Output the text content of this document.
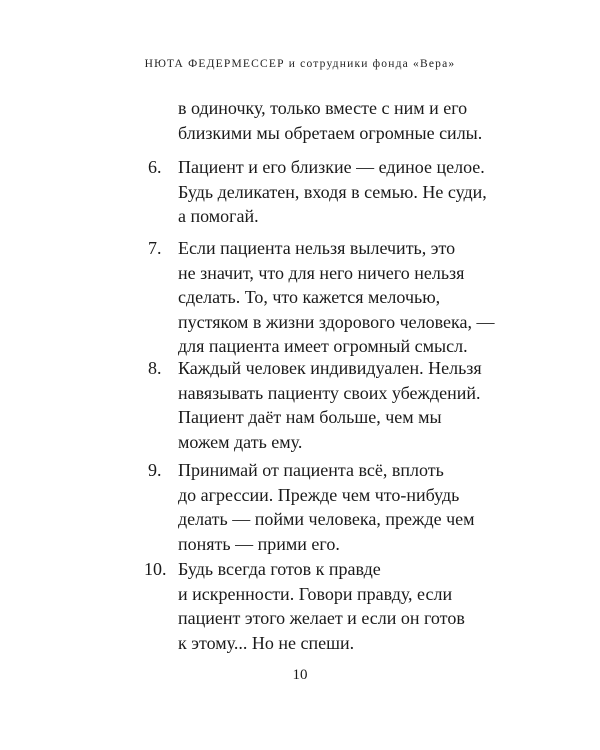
НЮТА ФЕДЕРМЕССЕР и сотрудники фонда «Вера»
в одиночку, только вместе с ним и его
близкими мы обретаем огромные силы.
6. Пациент и его близкие — единое целое.
Будь деликатен, входя в семью. Не суди,
а помогай.
7. Если пациента нельзя вылечить, это
не значит, что для него ничего нельзя
сделать. То, что кажется мелочью,
пустяком в жизни здорового человека, —
для пациента имеет огромный смысл.
8. Каждый человек индивидуален. Нельзя
навязывать пациенту своих убеждений.
Пациент даёт нам больше, чем мы
можем дать ему.
9. Принимай от пациента всё, вплоть
до агрессии. Прежде чем что-нибудь
делать — пойми человека, прежде чем
понять — прими его.
10. Будь всегда готов к правде
и искренности. Говори правду, если
пациент этого желает и если он готов
к этому... Но не спеши.
10
